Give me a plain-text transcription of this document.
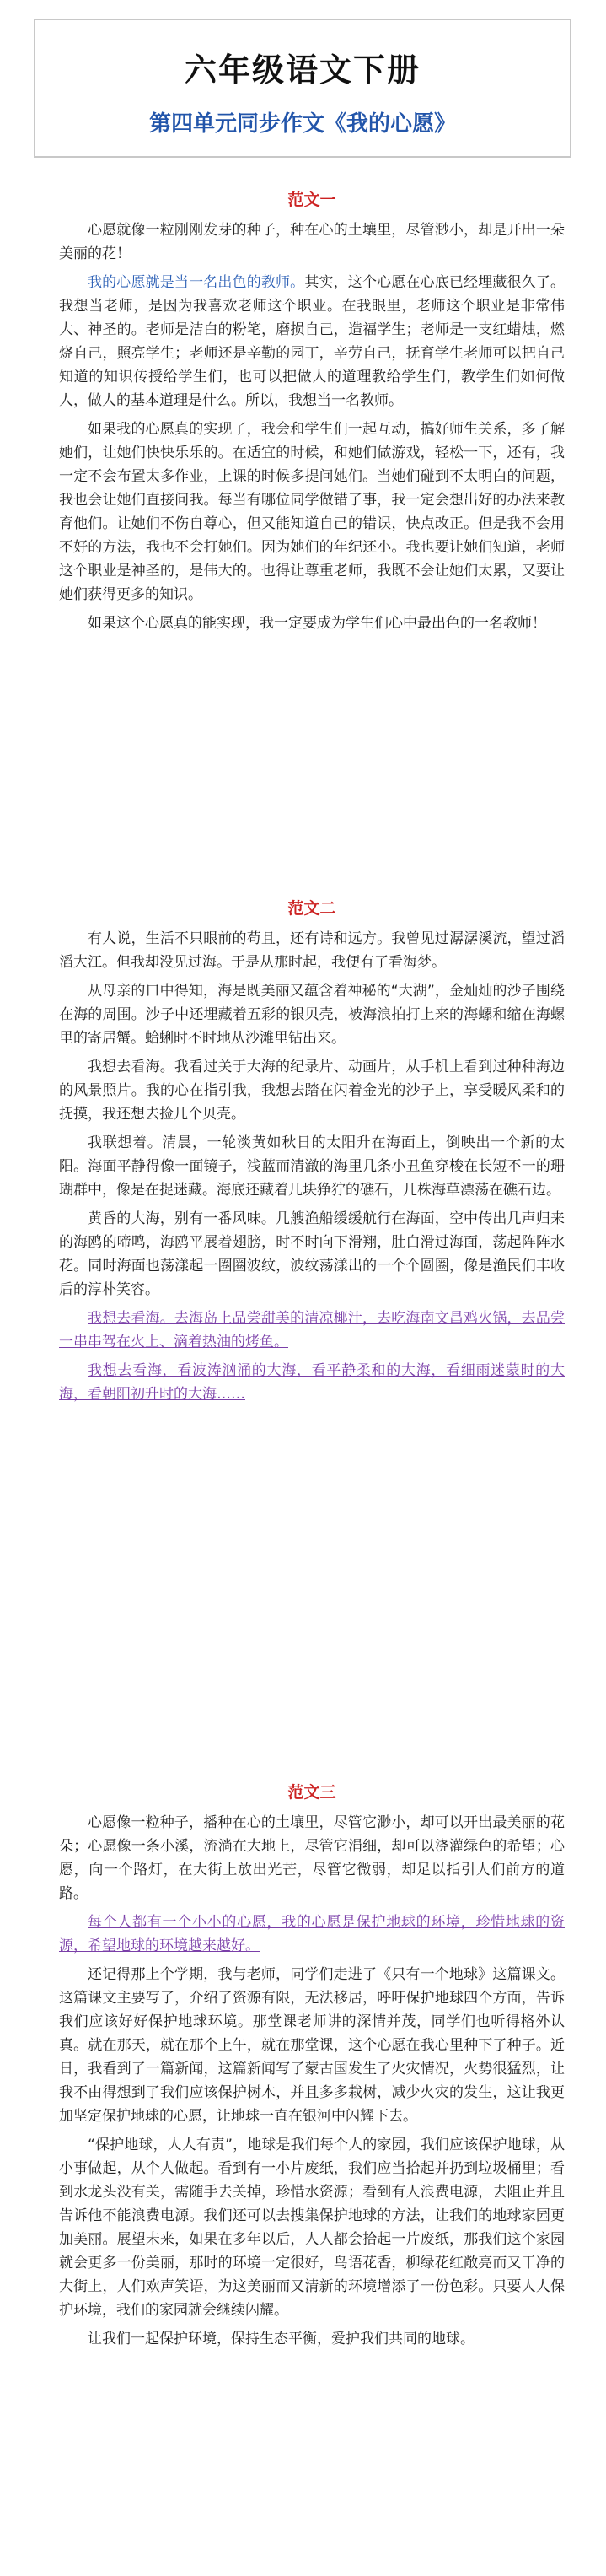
六年级语文下册
第四单元同步作文《我的心愿》
范文一

心愿就像一粒刚刚发芽的种子，种在心的土壤里，尽管渺小，却是开出一朵美丽的花！

我的心愿就是当一名出色的教师。其实，这个心愿在心底已经埋藏很久了。我想当老师，是因为我喜欢老师这个职业。在我眼里，老师这个职业是非常伟大、神圣的。老师是洁白的粉笔，磨损自己，造福学生；老师是一支红蜡烛，燃烧自己，照亮学生；老师还是辛勤的园丁，辛劳自己，抚育学生老师可以把自己知道的知识传授给学生们，也可以把做人的道理教给学生们，教学生们如何做人，做人的基本道理是什么。所以，我想当一名教师。

如果我的心愿真的实现了，我会和学生们一起互动，搞好师生关系，多了解她们，让她们快快乐乐的。在适宜的时候，和她们做游戏，轻松一下，还有，我一定不会布置太多作业，上课的时候多提问她们。当她们碰到不太明白的问题，我也会让她们直接问我。每当有哪位同学做错了事，我一定会想出好的办法来教育他们。让她们不伤自尊心，但又能知道自己的错误，快点改正。但是我不会用不好的方法，我也不会打她们。因为她们的年纪还小。我也要让她们知道，老师这个职业是神圣的，是伟大的。也得让尊重老师，我既不会让她们太累，又要让她们获得更多的知识。

如果这个心愿真的能实现，我一定要成为学生们心中最出色的一名教师！

范文二

有人说，生活不只眼前的苟且，还有诗和远方。我曾见过潺潺溪流，望过滔滔大江。但我却没见过海。于是从那时起，我便有了看海梦。

从母亲的口中得知，海是既美丽又蕴含着神秘的“大湖”，金灿灿的沙子围绕在海的周围。沙子中还埋藏着五彩的银贝壳，被海浪拍打上来的海螺和缩在海螺里的寄居蟹。蛤蜊时不时地从沙滩里钻出来。

我想去看海。我看过关于大海的纪录片、动画片，从手机上看到过种种海边的风景照片。我的心在指引我，我想去踏在闪着金光的沙子上，享受暖风柔和的抚摸，我还想去捡几个贝壳。

我联想着。清晨，一轮淡黄如秋日的太阳升在海面上，倒映出一个新的太阳。海面平静得像一面镜子，浅蓝而清澈的海里几条小丑鱼穿梭在长短不一的珊瑚群中，像是在捉迷藏。海底还藏着几块狰狞的礁石，几株海草漂荡在礁石边。

黄昏的大海，别有一番风味。几艘渔船缓缓航行在海面，空中传出几声归来的海鸥的啼鸣，海鸥平展着翅膀，时不时向下滑翔，肚白滑过海面，荡起阵阵水花。同时海面也荡漾起一圈圈波纹，波纹荡漾出的一个个圆圈，像是渔民们丰收后的淳朴笑容。

我想去看海。去海岛上品尝甜美的清凉椰汁，去吃海南文昌鸡火锅，去品尝一串串驾在火上、滴着热油的烤鱼。

我想去看海，看波涛汹涌的大海，看平静柔和的大海，看细雨迷蒙时的大海，看朝阳初升时的大海……

范文三

心愿像一粒种子，播种在心的土壤里，尽管它渺小，却可以开出最美丽的花朵；心愿像一条小溪，流淌在大地上，尽管它涓细，却可以浇灌绿色的希望；心愿，向一个路灯，在大街上放出光芒，尽管它微弱，却足以指引人们前方的道路。

每个人都有一个小小的心愿，我的心愿是保护地球的环境，珍惜地球的资源，希望地球的环境越来越好。

还记得那上个学期，我与老师，同学们走进了《只有一个地球》这篇课文。这篇课文主要写了，介绍了资源有限，无法移居，呼吁保护地球四个方面，告诉我们应该好好保护地球环境。那堂课老师讲的深情并茂，同学们也听得格外认真。就在那天，就在那个上午，就在那堂课，这个心愿在我心里种下了种子。近日，我看到了一篇新闻，这篇新闻写了蒙古国发生了火灾情况，火势很猛烈，让我不由得想到了我们应该保护树木，并且多多栽树，减少火灾的发生，这让我更加坚定保护地球的心愿，让地球一直在银河中闪耀下去。

“保护地球，人人有责”，地球是我们每个人的家园，我们应该保护地球，从小事做起，从个人做起。看到有一小片废纸，我们应当拾起并扔到垃圾桶里；看到水龙头没有关，需随手去关掉，珍惜水资源；看到有人浪费电源，去阻止并且告诉他不能浪费电源。我们还可以去搜集保护地球的方法，让我们的地球家园更加美丽。展望未来，如果在多年以后，人人都会拾起一片废纸，那我们这个家园就会更多一份美丽，那时的环境一定很好，鸟语花香，柳绿花红敞亮而又干净的大街上，人们欢声笑语，为这美丽而又清新的环境增添了一份色彩。只要人人保护环境，我们的家园就会继续闪耀。

让我们一起保护环境，保持生态平衡，爱护我们共同的地球。
